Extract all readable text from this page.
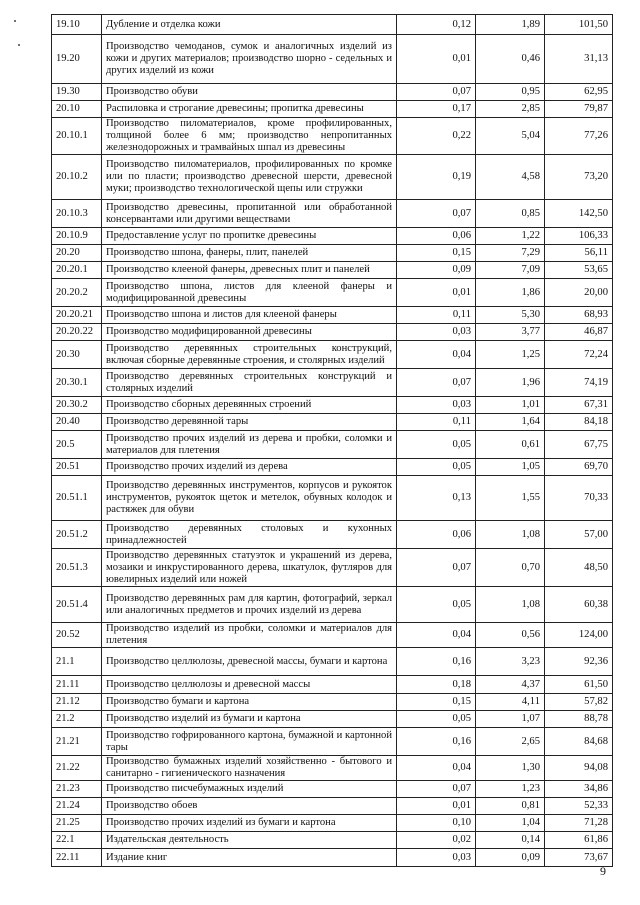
19.10	Дубление и отделка кожи	0,12	1,89	101,50
19.20	Производство чемоданов, сумок и аналогичных изделий из кожи и других материалов; производство шорно - седельных и других изделий из кожи	0,01	0,46	31,13
19.30	Производство обуви	0,07	0,95	62,95
20.10	Распиловка и строгание древесины; пропитка древесины	0,17	2,85	79,87
20.10.1	Производство пиломатериалов, кроме профилированных, толщиной более 6 мм; производство непропитанных железнодорожных и трамвайных шпал из древесины	0,22	5,04	77,26
20.10.2	Производство пиломатериалов, профилированных по кромке или по пласти; производство древесной шерсти, древесной муки; производство технологической щепы или стружки	0,19	4,58	73,20
20.10.3	Производство древесины, пропитанной или обработанной консервантами или другими веществами	0,07	0,85	142,50
20.10.9	Предоставление услуг по пропитке древесины	0,06	1,22	106,33
20.20	Производство шпона, фанеры, плит, панелей	0,15	7,29	56,11
20.20.1	Производство клееной фанеры, древесных плит и панелей	0,09	7,09	53,65
20.20.2	Производство шпона, листов для клееной фанеры и модифицированной древесины	0,01	1,86	20,00
20.20.21	Производство шпона и листов для клееной фанеры	0,11	5,30	68,93
20.20.22	Производство модифицированной древесины	0,03	3,77	46,87
20.30	Производство деревянных строительных конструкций, включая сборные деревянные строения, и столярных изделий	0,04	1,25	72,24
20.30.1	Производство деревянных строительных конструкций и столярных изделий	0,07	1,96	74,19
20.30.2	Производство сборных деревянных строений	0,03	1,01	67,31
20.40	Производство деревянной тары	0,11	1,64	84,18
20.5	Производство прочих изделий из дерева и пробки, соломки и материалов для плетения	0,05	0,61	67,75
20.51	Производство прочих изделий из дерева	0,05	1,05	69,70
20.51.1	Производство деревянных инструментов, корпусов и рукояток инструментов, рукояток щеток и метелок, обувных колодок и растяжек для обуви	0,13	1,55	70,33
20.51.2	Производство деревянных столовых и кухонных принадлежностей	0,06	1,08	57,00
20.51.3	Производство деревянных статуэток и украшений из дерева, мозаики и инкрустированного дерева, шкатулок, футляров для ювелирных изделий или ножей	0,07	0,70	48,50
20.51.4	Производство деревянных рам для картин, фотографий, зеркал или аналогичных предметов и прочих изделий из дерева	0,05	1,08	60,38
20.52	Производство изделий из пробки, соломки и материалов для плетения	0,04	0,56	124,00
21.1	Производство целлюлозы, древесной массы, бумаги и картона	0,16	3,23	92,36
21.11	Производство целлюлозы и древесной массы	0,18	4,37	61,50
21.12	Производство бумаги и картона	0,15	4,11	57,82
21.2	Производство изделий из бумаги и картона	0,05	1,07	88,78
21.21	Производство гофрированного картона, бумажной и картонной тары	0,16	2,65	84,68
21.22	Производство бумажных изделий хозяйственно - бытового и санитарно - гигиенического назначения	0,04	1,30	94,08
21.23	Производство писчебумажных изделий	0,07	1,23	34,86
21.24	Производство обоев	0,01	0,81	52,33
21.25	Производство прочих изделий из бумаги и картона	0,10	1,04	71,28
22.1	Издательская деятельность	0,02	0,14	61,86
22.11	Издание книг	0,03	0,09	73,67
9
